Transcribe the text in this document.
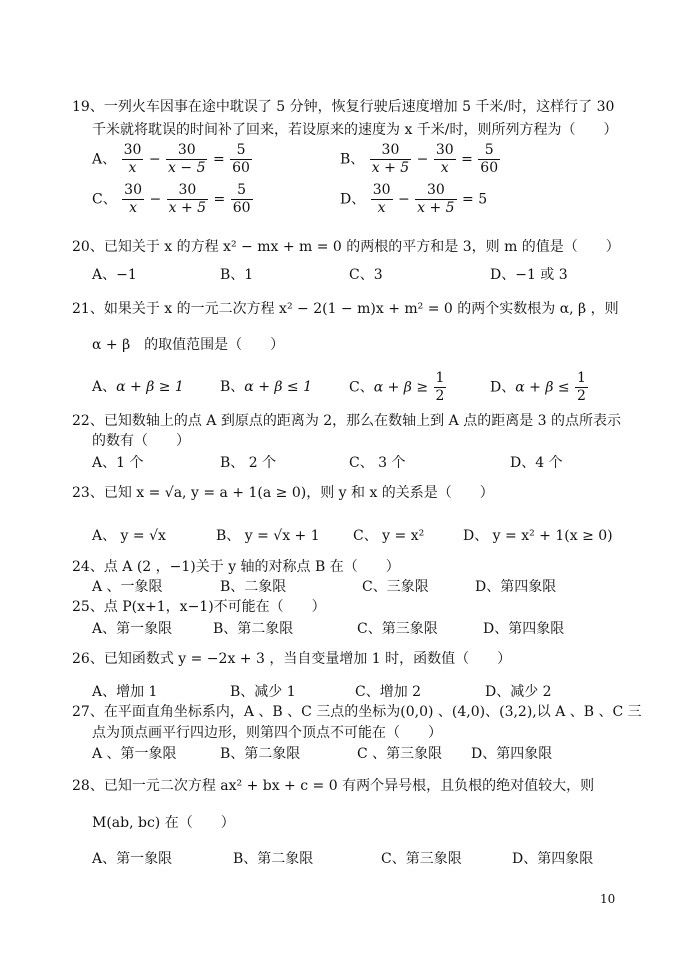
19、一列火车因事在途中耽误了 5 分钟，恢复行驶后速度增加 5 千米/时，这样行了 30
千米就将耽误的时间补了回来，若设原来的速度为 x 千米/时，则所列方程为（　　）
A、 $\frac{30}{x} - \frac{30}{x - 5} = \frac{5}{60}$	B、 $\frac{30}{x + 5} - \frac{30}{x} = \frac{5}{60}$
C、 $\frac{30}{x} - \frac{30}{x + 5} = \frac{5}{60}$	D、 $\frac{30}{x} - \frac{30}{x + 5} = 5$
20、已知关于 x 的方程 x² − mx + m = 0 的两根的平方和是 3，则 m 的值是（　　）
A、−1	B、1	C、3	D、−1 或 3
21、如果关于 x 的一元二次方程 x² − 2(1 − m)x + m² = 0 的两个实数根为 α, β ，则
α + β　的取值范围是（　　）
A、α + β ≥ 1	B、α + β ≤ 1	C、$\alpha + \beta \ge \frac{1}{2}$	D、$\alpha + \beta \le \frac{1}{2}$
22、已知数轴上的点 A 到原点的距离为 2，那么在数轴上到 A 点的距离是 3 的点所表示
的数有（　　）
A、1 个	B、 2 个	C、 3 个	D、4 个
23、已知 x = √a, y = a + 1(a ≥ 0)，则 y 和 x 的关系是（　　）
A、 y = √x	B、 y = √x + 1 C、 y = x²	D、 y = x² + 1(x ≥ 0)
24、点 A (2 ，−1)关于 y 轴的对称点 B 在（　　）
A 、一象限	B、二象限	C、三象限	D、第四象限
25、点 P(x+1，x−1)不可能在（　　）
A、第一象限	B、第二象限	C、第三象限	D、第四象限
26、已知函数式 y = −2x + 3 ，当自变量增加 1 时，函数值（　　）
A、增加 1	B、减少 1	C、增加 2	D、减少 2
27、在平面直角坐标系内，A 、B 、C 三点的坐标为(0,0) 、(4,0)、(3,2),以 A 、B 、C 三
点为顶点画平行四边形，则第四个顶点不可能在（　　）
A 、第一象限	B、第二象限	C 、第三象限 D、第四象限
28、已知一元二次方程 ax² + bx + c = 0 有两个异号根，且负根的绝对值较大，则
M(ab, bc) 在（　　）
A、第一象限	B、第二象限	C、第三象限	D、第四象限
10
